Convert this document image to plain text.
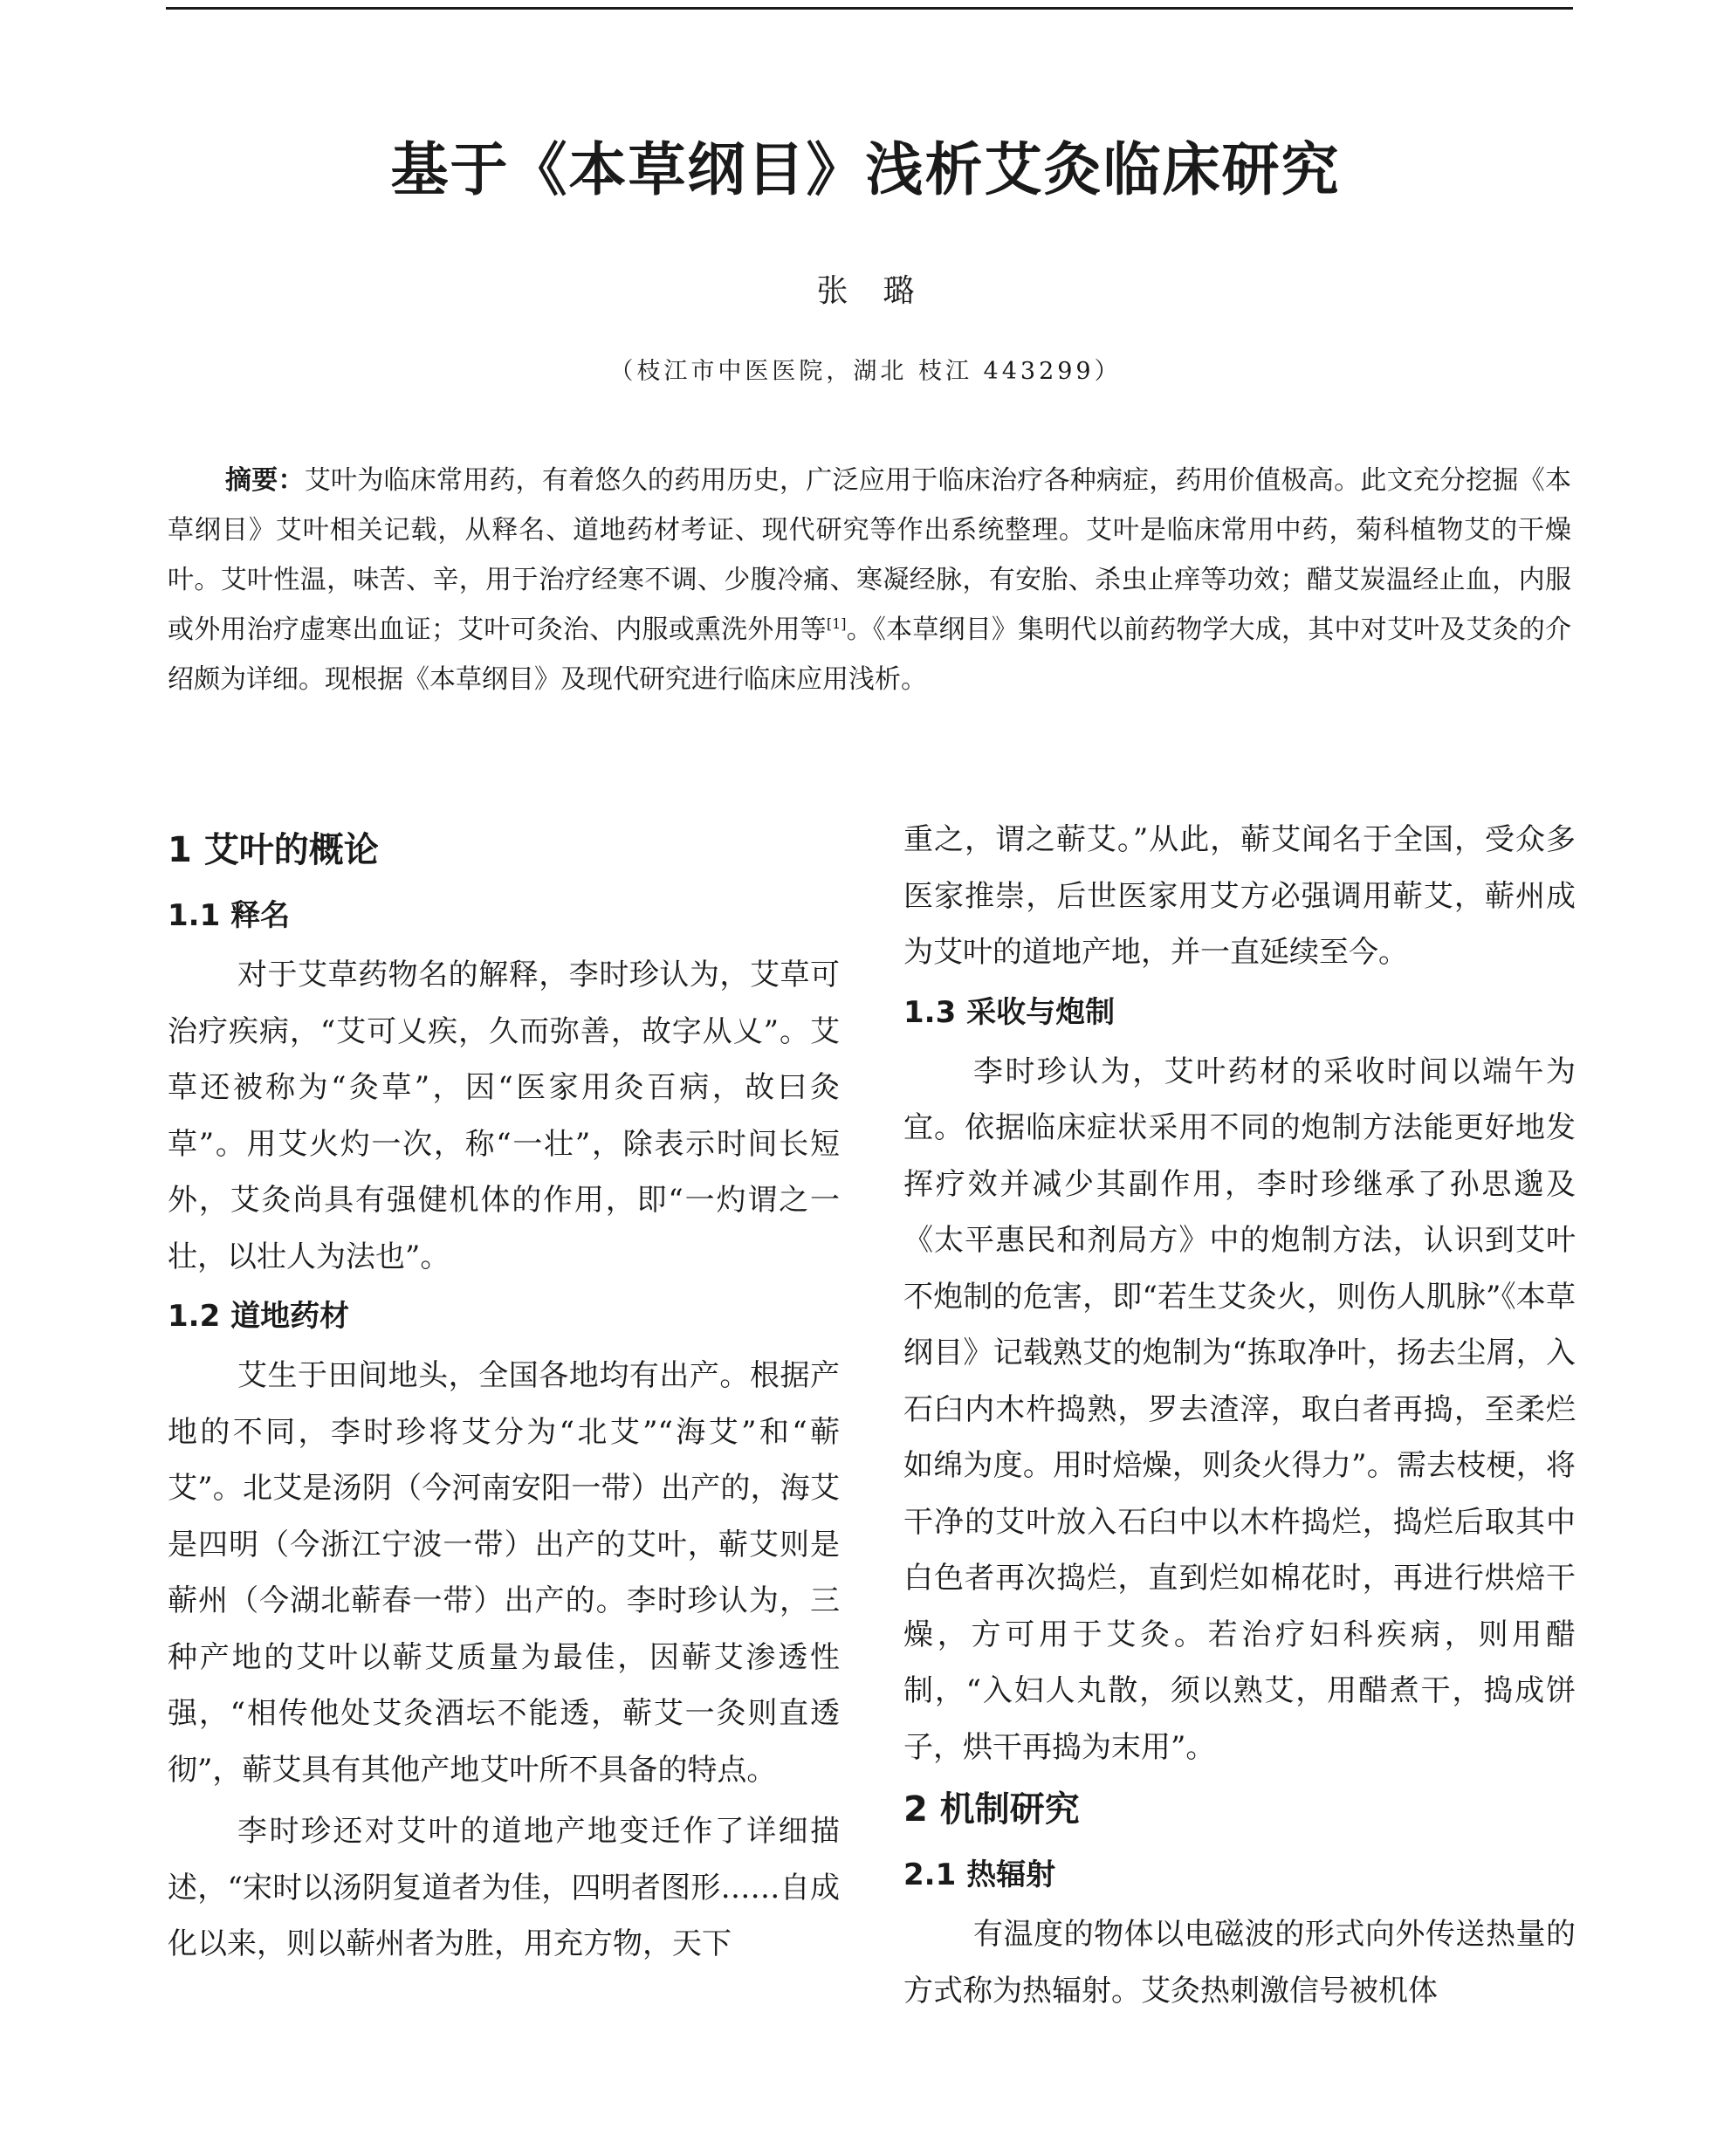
基于《本草纲目》浅析艾灸临床研究
张璐
（枝江市中医医院，湖北 枝江 443299）

摘要：艾叶为临床常用药，有着悠久的药用历史，广泛应用于临床治疗各种病症，药用价值极高。此文充分挖掘《本草纲目》艾叶相关记载，从释名、道地药材考证、现代研究等作出系统整理。艾叶是临床常用中药，菊科植物艾的干燥叶。艾叶性温，味苦、辛，用于治疗经寒不调、少腹冷痛、寒凝经脉，有安胎、杀虫止痒等功效；醋艾炭温经止血，内服或外用治疗虚寒出血证；艾叶可灸治、内服或熏洗外用等[1]。《本草纲目》集明代以前药物学大成，其中对艾叶及艾灸的介绍颇为详细。现根据《本草纲目》及现代研究进行临床应用浅析。

1 艾叶的概论
1.1 释名

对于艾草药物名的解释，李时珍认为，艾草可治疗疾病，“艾可乂疾，久而弥善，故字从乂”。艾草还被称为“灸草”，因“医家用灸百病，故曰灸草”。用艾火灼一次，称“一壮”，除表示时间长短外，艾灸尚具有强健机体的作用，即“一灼谓之一壮，以壮人为法也”。

1.2 道地药材

艾生于田间地头，全国各地均有出产。根据产地的不同，李时珍将艾分为“北艾”“海艾”和“蕲艾”。北艾是汤阴（今河南安阳一带）出产的，海艾是四明（今浙江宁波一带）出产的艾叶，蕲艾则是蕲州（今湖北蕲春一带）出产的。李时珍认为，三种产地的艾叶以蕲艾质量为最佳，因蕲艾渗透性强，“相传他处艾灸酒坛不能透，蕲艾一灸则直透彻”，蕲艾具有其他产地艾叶所不具备的特点。

李时珍还对艾叶的道地产地变迁作了详细描述，“宋时以汤阴复道者为佳，四明者图形……自成化以来，则以蕲州者为胜，用充方物，天下

重之，谓之蕲艾。”从此，蕲艾闻名于全国，受众多医家推崇，后世医家用艾方必强调用蕲艾，蕲州成为艾叶的道地产地，并一直延续至今。

1.3 采收与炮制

李时珍认为，艾叶药材的采收时间以端午为宜。依据临床症状采用不同的炮制方法能更好地发挥疗效并减少其副作用，李时珍继承了孙思邈及《太平惠民和剂局方》中的炮制方法，认识到艾叶不炮制的危害，即“若生艾灸火，则伤人肌脉”《本草纲目》记载熟艾的炮制为“拣取净叶，扬去尘屑，入石臼内木杵捣熟，罗去渣滓，取白者再捣，至柔烂如绵为度。用时焙燥，则灸火得力”。需去枝梗，将干净的艾叶放入石臼中以木杵捣烂，捣烂后取其中白色者再次捣烂，直到烂如棉花时，再进行烘焙干燥，方可用于艾灸。若治疗妇科疾病，则用醋制，“入妇人丸散，须以熟艾，用醋煮干，捣成饼子，烘干再捣为末用”。

2 机制研究
2.1 热辐射

有温度的物体以电磁波的形式向外传送热量的方式称为热辐射。艾灸热刺激信号被机体
